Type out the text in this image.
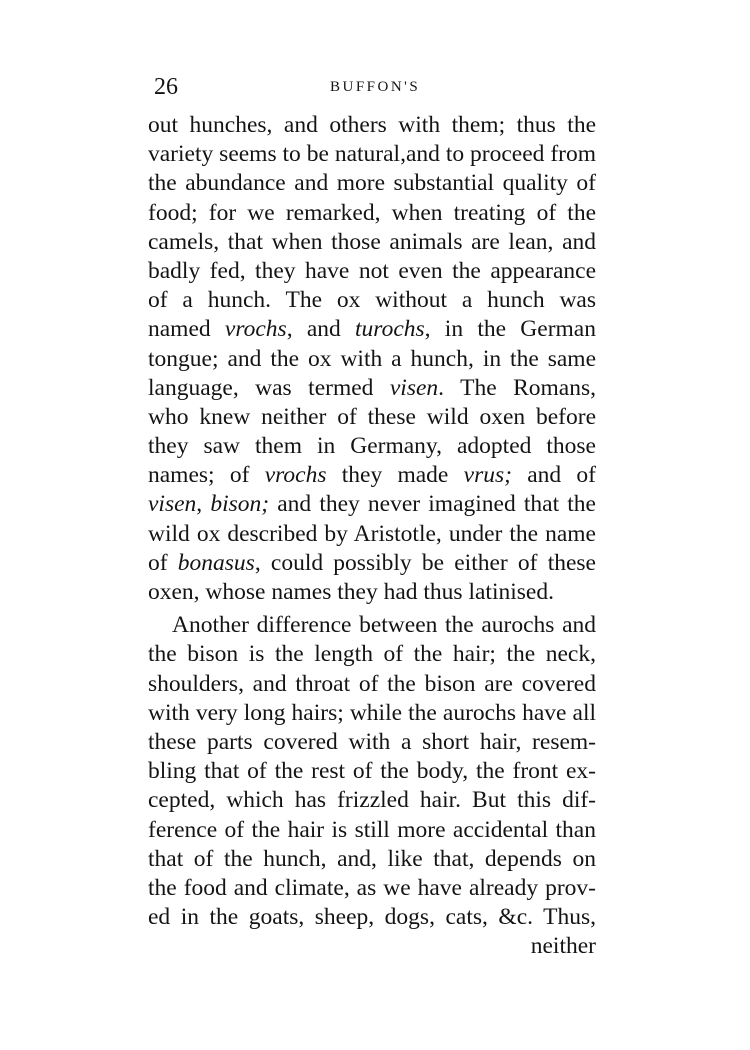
26	BUFFON'S
out hunches, and others with them; thus the
variety seems to be natural,and to proceed from
the abundance and more substantial quality of
food; for we remarked, when treating of the
camels, that when those animals are lean, and
badly fed, they have not even the appearance
of a hunch. The ox without a hunch was
named vrochs, and turochs, in the German
tongue; and the ox with a hunch, in the same
language, was termed visen. The Romans,
who knew neither of these wild oxen before
they saw them in Germany, adopted those
names; of vrochs they made vrus; and of
visen, bison; and they never imagined that the
wild ox described by Aristotle, under the name
of bonasus, could possibly be either of these
oxen, whose names they had thus latinised.
Another difference between the aurochs and
the bison is the length of the hair; the neck,
shoulders, and throat of the bison are covered
with very long hairs; while the aurochs have all
these parts covered with a short hair, resem-
bling that of the rest of the body, the front ex-
cepted, which has frizzled hair. But this dif-
ference of the hair is still more accidental than
that of the hunch, and, like that, depends on
the food and climate, as we have already prov-
ed in the goats, sheep, dogs, cats, &c. Thus,
neither
